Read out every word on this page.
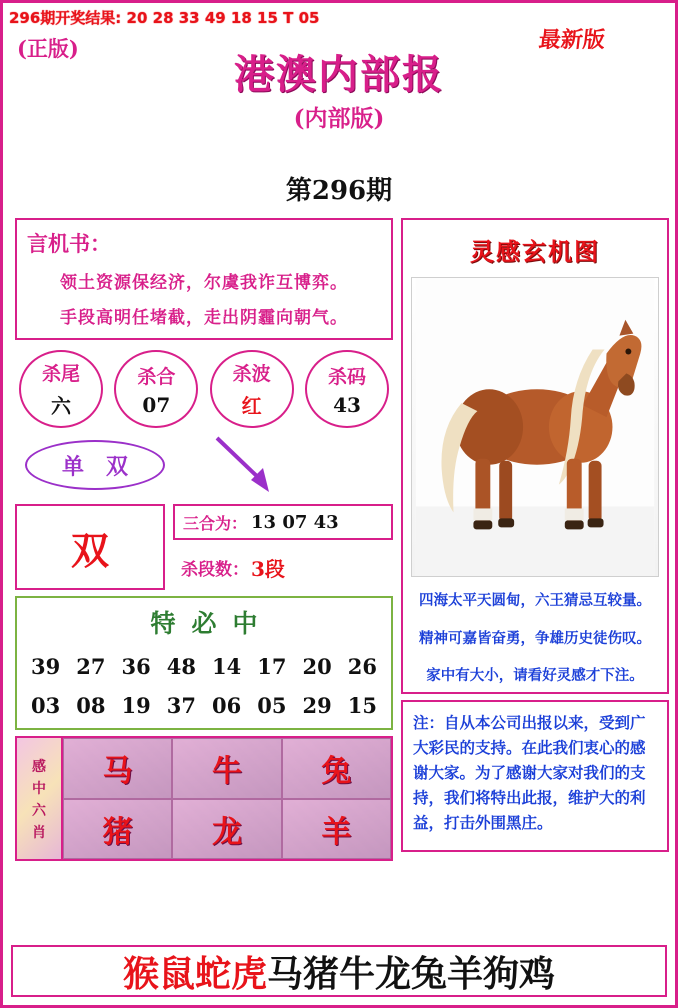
296期开奖结果: 20 28 33 49 18 15 T 05
(正版)	最新版
港澳内部报
(内部版)
第296期
言机书：
领土资源保经济，尔虞我诈互博弈。
手段高明任堵截，走出阴霾向朝气。
杀尾
六
杀合
07
杀波
红
杀码
43
单 双
双
三合为： 13 07 43
杀段数： 3段
特必中
39 27 36 48 14 17 20 26
03 08 19 37 06 05 29 15
感
中
六
肖
马	牛	兔
猪	龙	羊
灵感玄机图
四海太平天圆甸，六王猜忌互较量。
精神可嘉皆奋勇，争雄历史徒伤叹。
家中有大小，请看好灵感才下注。

注：自从本公司出报以来，受到广大彩民的支持。在此我们衷心的感谢大家。为了感谢大家对我们的支持，我们将特出此报，维护大的利益，打击外围黑庄。

猴鼠蛇虎 马猪牛龙兔羊狗鸡
